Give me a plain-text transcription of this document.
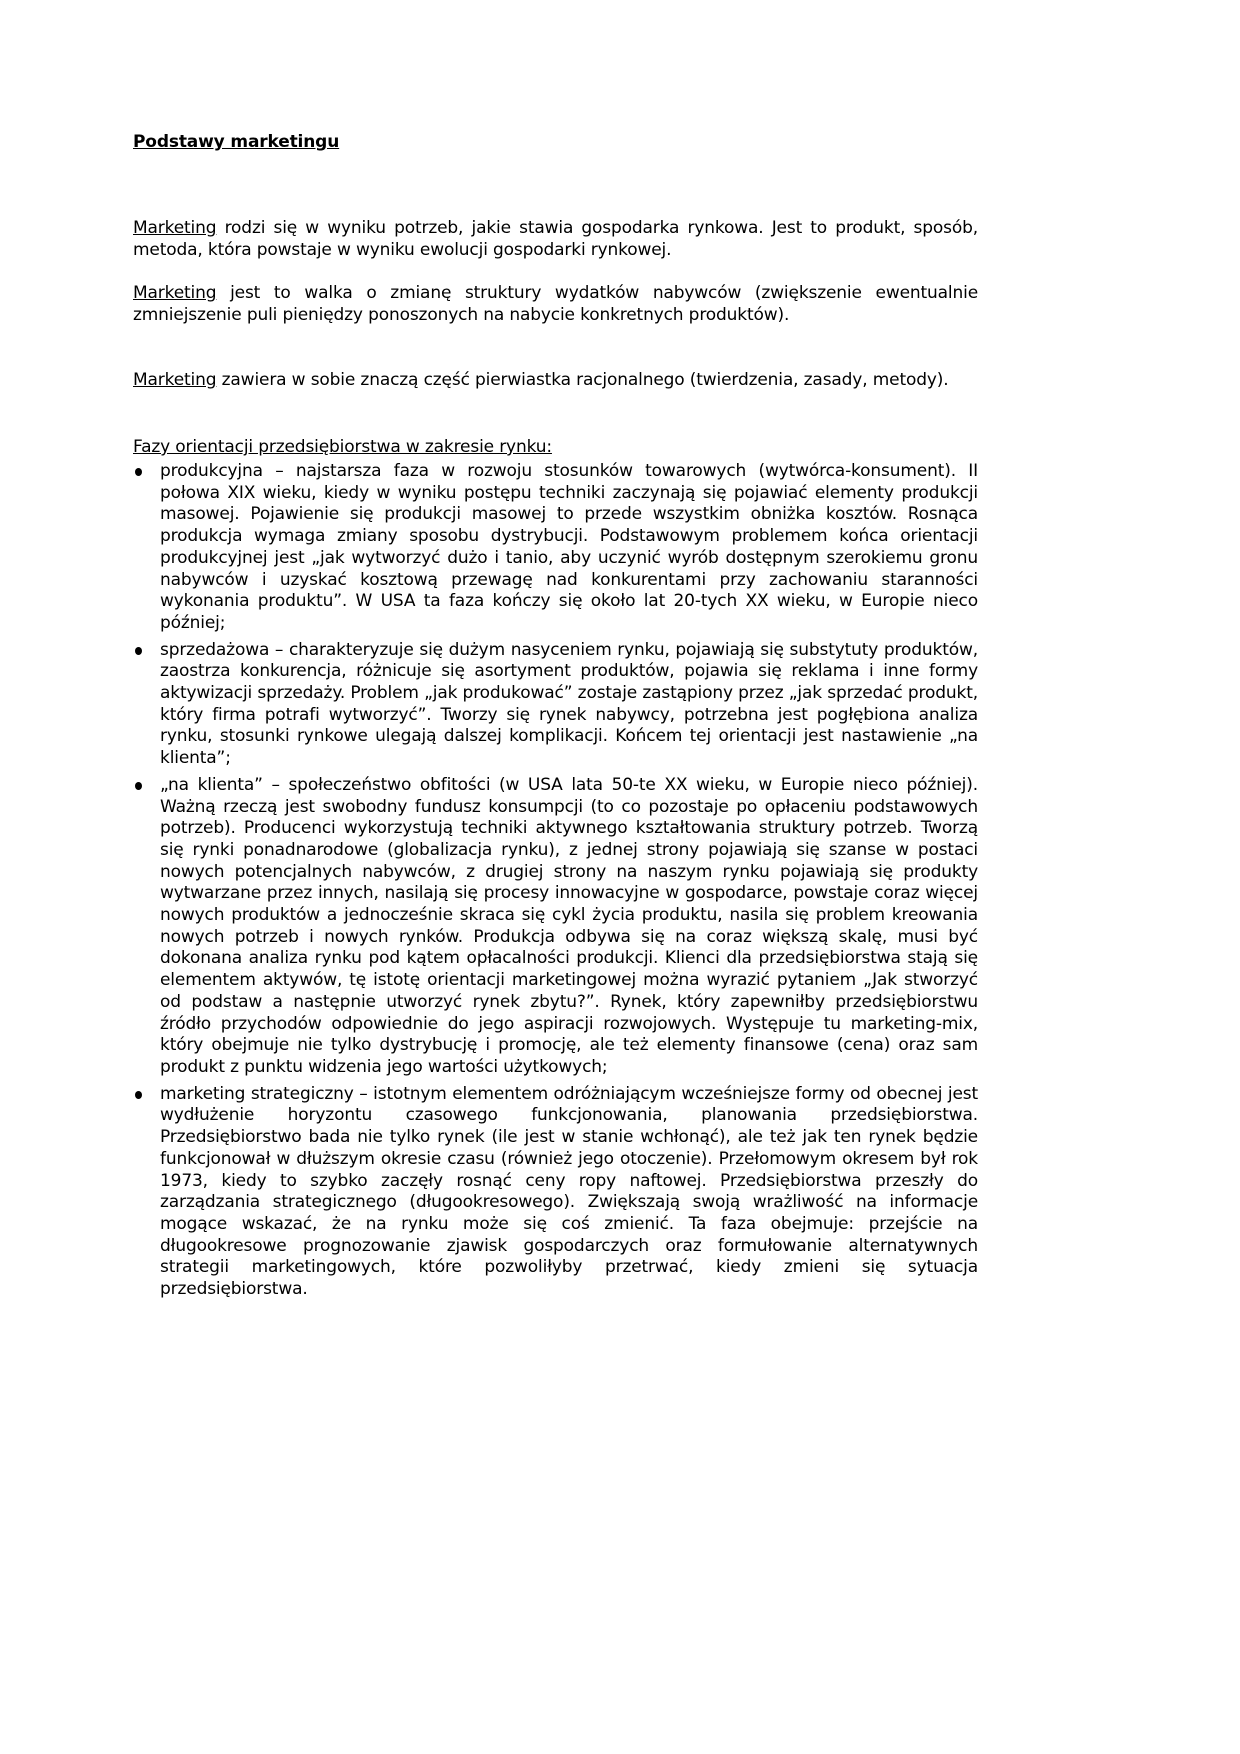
Podstawy marketingu

Marketing rodzi się w wyniku potrzeb, jakie stawia gospodarka rynkowa. Jest to produkt, sposób, metoda, która powstaje w wyniku ewolucji gospodarki rynkowej.

Marketing jest to walka o zmianę struktury wydatków nabywców (zwiększenie ewentualnie zmniejszenie puli pieniędzy ponoszonych na nabycie konkretnych produktów).

Marketing zawiera w sobie znaczą część pierwiastka racjonalnego (twierdzenia, zasady, metody).

Fazy orientacji przedsiębiorstwa w zakresie rynku:

produkcyjna – najstarsza faza w rozwoju stosunków towarowych (wytwórca-konsument). II połowa XIX wieku, kiedy w wyniku postępu techniki zaczynają się pojawiać elementy produkcji masowej. Pojawienie się produkcji masowej to przede wszystkim obniżka kosztów. Rosnąca produkcja wymaga zmiany sposobu dystrybucji. Podstawowym problemem końca orientacji produkcyjnej jest „jak wytworzyć dużo i tanio, aby uczynić wyrób dostępnym szerokiemu gronu nabywców i uzyskać kosztową przewagę nad konkurentami przy zachowaniu staranności wykonania produktu”. W USA ta faza kończy się około lat 20-tych XX wieku, w Europie nieco później;
sprzedażowa – charakteryzuje się dużym nasyceniem rynku, pojawiają się substytuty produktów, zaostrza konkurencja, różnicuje się asortyment produktów, pojawia się reklama i inne formy aktywizacji sprzedaży. Problem „jak produkować” zostaje zastąpiony przez „jak sprzedać produkt, który firma potrafi wytworzyć”. Tworzy się rynek nabywcy, potrzebna jest pogłębiona analiza rynku, stosunki rynkowe ulegają dalszej komplikacji. Końcem tej orientacji jest nastawienie „na klienta”;
„na klienta” – społeczeństwo obfitości (w USA lata 50-te XX wieku, w Europie nieco później). Ważną rzeczą jest swobodny fundusz konsumpcji (to co pozostaje po opłaceniu podstawowych potrzeb). Producenci wykorzystują techniki aktywnego kształtowania struktury potrzeb. Tworzą się rynki ponadnarodowe (globalizacja rynku), z jednej strony pojawiają się szanse w postaci nowych potencjalnych nabywców, z drugiej strony na naszym rynku pojawiają się produkty wytwarzane przez innych, nasilają się procesy innowacyjne w gospodarce, powstaje coraz więcej nowych produktów a jednocześnie skraca się cykl życia produktu, nasila się problem kreowania nowych potrzeb i nowych rynków. Produkcja odbywa się na coraz większą skalę, musi być dokonana analiza rynku pod kątem opłacalności produkcji. Klienci dla przedsiębiorstwa stają się elementem aktywów, tę istotę orientacji marketingowej można wyrazić pytaniem „Jak stworzyć od podstaw a następnie utworzyć rynek zbytu?”. Rynek, który zapewniłby przedsiębiorstwu źródło przychodów odpowiednie do jego aspiracji rozwojowych. Występuje tu marketing-mix, który obejmuje nie tylko dystrybucję i promocję, ale też elementy finansowe (cena) oraz sam produkt z punktu widzenia jego wartości użytkowych;
marketing strategiczny – istotnym elementem odróżniającym wcześniejsze formy od obecnej jest wydłużenie horyzontu czasowego funkcjonowania, planowania przedsiębiorstwa. Przedsiębiorstwo bada nie tylko rynek (ile jest w stanie wchłonąć), ale też jak ten rynek będzie funkcjonował w dłuższym okresie czasu (również jego otoczenie). Przełomowym okresem był rok 1973, kiedy to szybko zaczęły rosnąć ceny ropy naftowej. Przedsiębiorstwa przeszły do zarządzania strategicznego (długookresowego). Zwiększają swoją wrażliwość na informacje mogące wskazać, że na rynku może się coś zmienić. Ta faza obejmuje: przejście na długookresowe prognozowanie zjawisk gospodarczych oraz formułowanie alternatywnych strategii marketingowych, które pozwoliłyby przetrwać, kiedy zmieni się sytuacja przedsiębiorstwa.
